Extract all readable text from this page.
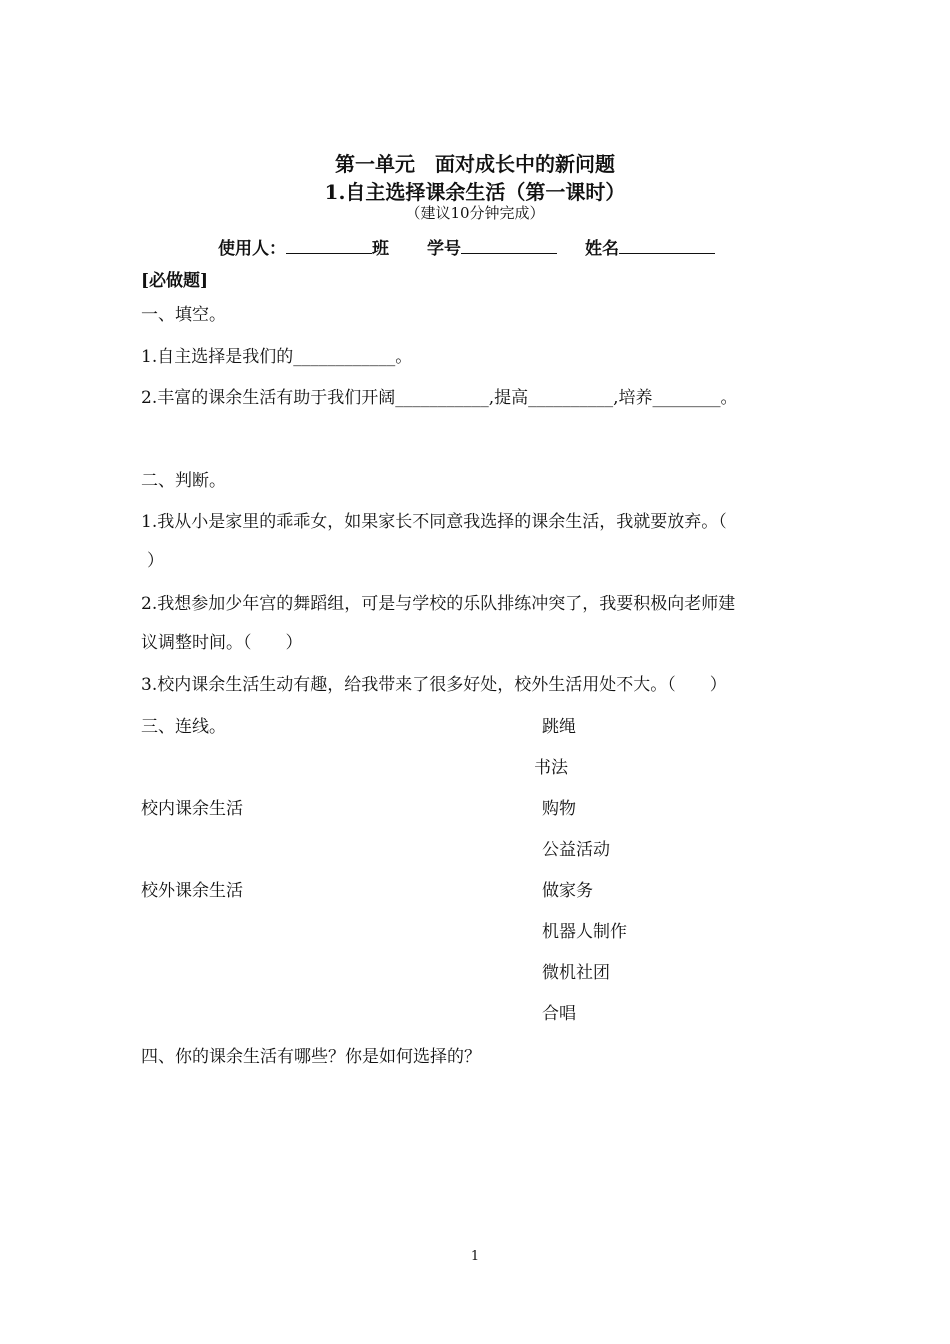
第一单元　面对成长中的新问题
1.自主选择课余生活（第一课时）
（建议10分钟完成）
使用人：	班 学号	姓名
[必做题]
一、填空。
1.自主选择是我们的____________。
2.丰富的课余生活有助于我们开阔___________,提高__________,培养________。
二、判断。
1.我从小是家里的乖乖女，如果家长不同意我选择的课余生活，我就要放弃。（
）
2.我想参加少年宫的舞蹈组，可是与学校的乐队排练冲突了，我要积极向老师建
议调整时间。（　　）
3.校内课余生活生动有趣，给我带来了很多好处，校外生活用处不大。（　　）
三、连线。
校内课余生活
校外课余生活
跳绳
书法
购物
公益活动
做家务
机器人制作
微机社团
合唱
四、你的课余生活有哪些？你是如何选择的？
1
